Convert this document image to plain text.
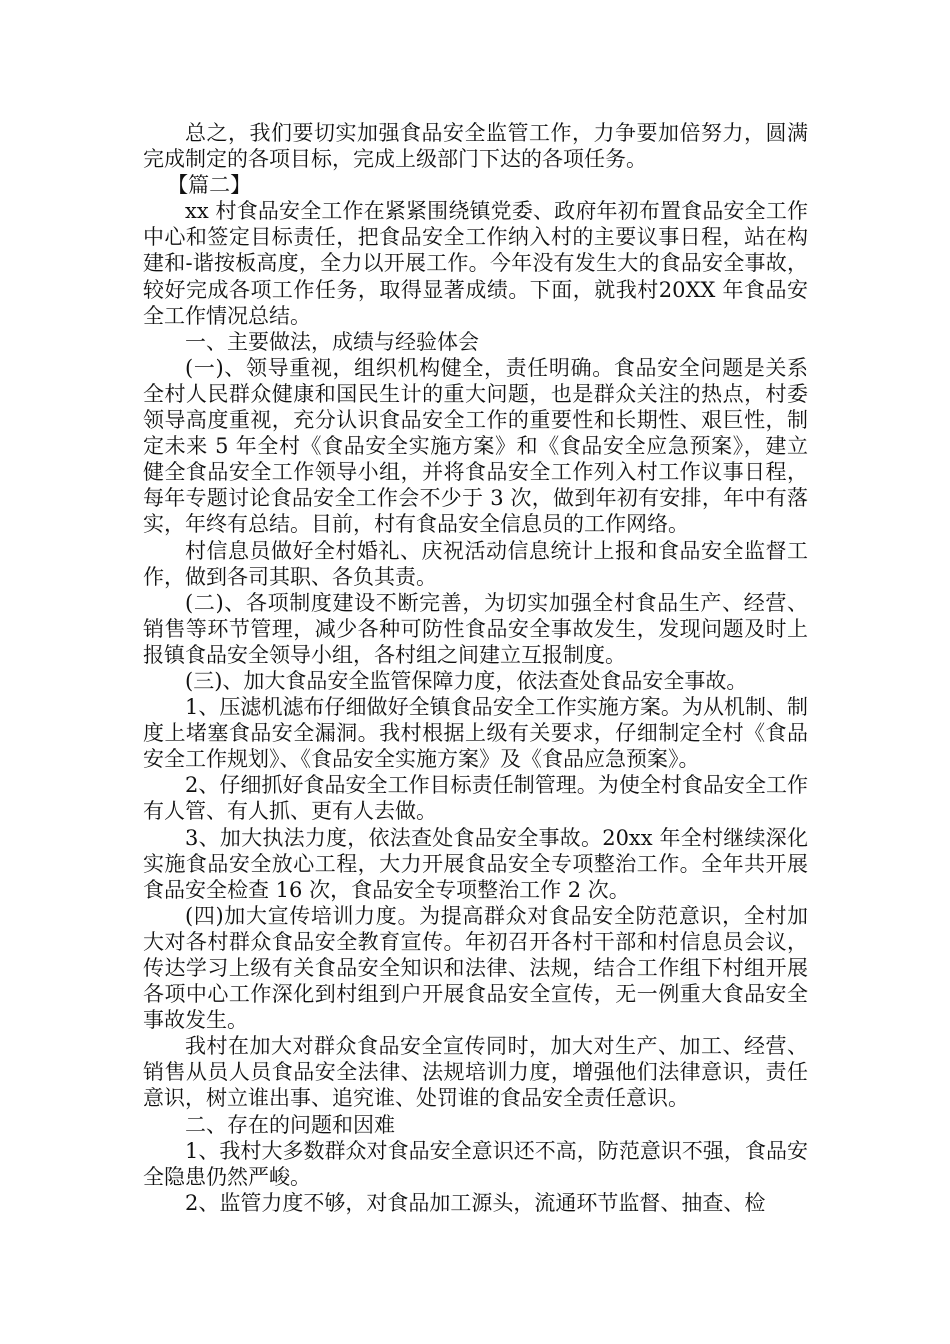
总之，我们要切实加强食品安全监管工作，力争要加倍努力，圆满完成制定的各项目标，完成上级部门下达的各项任务。

【篇二】

xx 村食品安全工作在紧紧围绕镇党委、政府年初布置食品安全工作中心和签定目标责任，把食品安全工作纳入村的主要议事日程，站在构建和-谐按板高度，全力以开展工作。今年没有发生大的食品安全事故，较好完成各项工作任务，取得显著成绩。下面，就我村20XX 年食品安全工作情况总结。

一、主要做法，成绩与经验体会

(一)、领导重视，组织机构健全，责任明确。食品安全问题是关系全村人民群众健康和国民生计的重大问题，也是群众关注的热点，村委领导高度重视，充分认识食品安全工作的重要性和长期性、艰巨性，制定未来 5 年全村《食品安全实施方案》和《食品安全应急预案》，建立健全食品安全工作领导小组，并将食品安全工作列入村工作议事日程，每年专题讨论食品安全工作会不少于 3 次，做到年初有安排，年中有落实，年终有总结。目前，村有食品安全信息员的工作网络。

村信息员做好全村婚礼、庆祝活动信息统计上报和食品安全监督工作，做到各司其职、各负其责。

(二)、各项制度建设不断完善，为切实加强全村食品生产、经营、销售等环节管理，减少各种可防性食品安全事故发生，发现问题及时上报镇食品安全领导小组，各村组之间建立互报制度。

(三)、加大食品安全监管保障力度，依法查处食品安全事故。

1、压滤机滤布仔细做好全镇食品安全工作实施方案。为从机制、制度上堵塞食品安全漏洞。我村根据上级有关要求，仔细制定全村《食品安全工作规划》、《食品安全实施方案》及《食品应急预案》。

2、仔细抓好食品安全工作目标责任制管理。为使全村食品安全工作有人管、有人抓、更有人去做。

3、加大执法力度，依法查处食品安全事故。20xx 年全村继续深化实施食品安全放心工程，大力开展食品安全专项整治工作。全年共开展食品安全检查 16 次，食品安全专项整治工作 2 次。

(四)加大宣传培训力度。为提高群众对食品安全防范意识，全村加大对各村群众食品安全教育宣传。年初召开各村干部和村信息员会议，传达学习上级有关食品安全知识和法律、法规，结合工作组下村组开展各项中心工作深化到村组到户开展食品安全宣传，无一例重大食品安全事故发生。

我村在加大对群众食品安全宣传同时，加大对生产、加工、经营、销售从员人员食品安全法律、法规培训力度，增强他们法律意识，责任意识，树立谁出事、追究谁、处罚谁的食品安全责任意识。

二、存在的问题和因难

1、我村大多数群众对食品安全意识还不高，防范意识不强，食品安全隐患仍然严峻。

2、监管力度不够，对食品加工源头，流通环节监督、抽查、检
